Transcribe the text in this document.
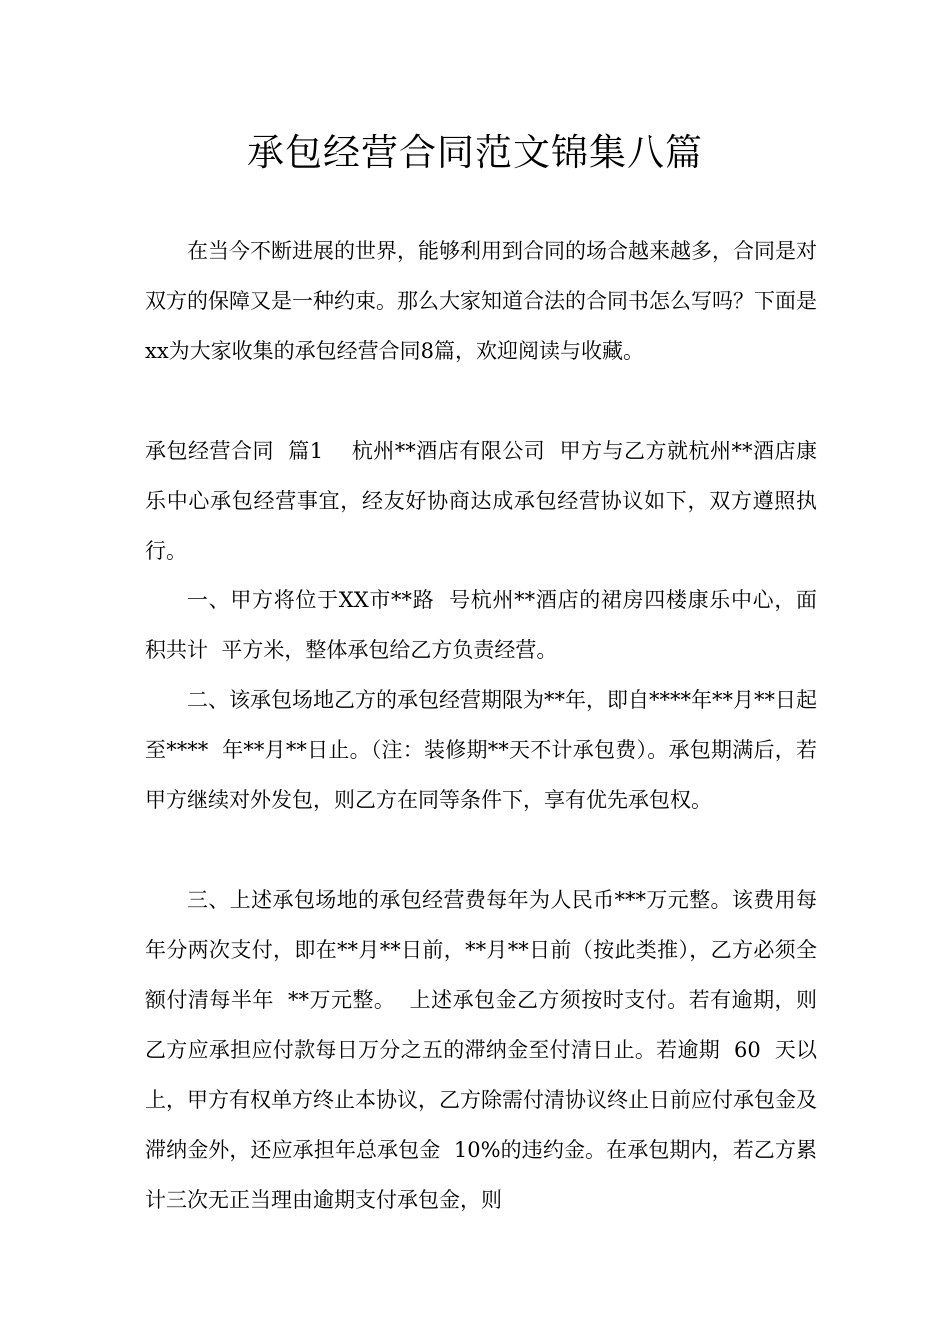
承包经营合同范文锦集八篇

在当今不断进展的世界，能够利用到合同的场合越来越多，合同是对双方的保障又是一种约束。那么大家知道合法的合同书怎么写吗？下面是xx为大家收集的承包经营合同8篇，欢迎阅读与收藏。

承包经营合同  篇1    杭州**酒店有限公司  甲方与乙方就杭州**酒店康乐中心承包经营事宜，经友好协商达成承包经营协议如下，双方遵照执行。

一、甲方将位于XX市**路  号杭州**酒店的裙房四楼康乐中心，面积共计  平方米，整体承包给乙方负责经营。

二、该承包场地乙方的承包经营期限为**年，即自****年**月**日起至****  年**月**日止。（注：装修期**天不计承包费）。承包期满后，若甲方继续对外发包，则乙方在同等条件下，享有优先承包权。

三、上述承包场地的承包经营费每年为人民币***万元整。该费用每年分两次支付，即在**月**日前，**月**日前（按此类推），乙方必须全额付清每半年  **万元整。  上述承包金乙方须按时支付。若有逾期，则乙方应承担应付款每日万分之五的滞纳金至付清日止。若逾期  60  天以上，甲方有权单方终止本协议，乙方除需付清协议终止日前应付承包金及滞纳金外，还应承担年总承包金  10%的违约金。在承包期内，若乙方累计三次无正当理由逾期支付承包金，则
